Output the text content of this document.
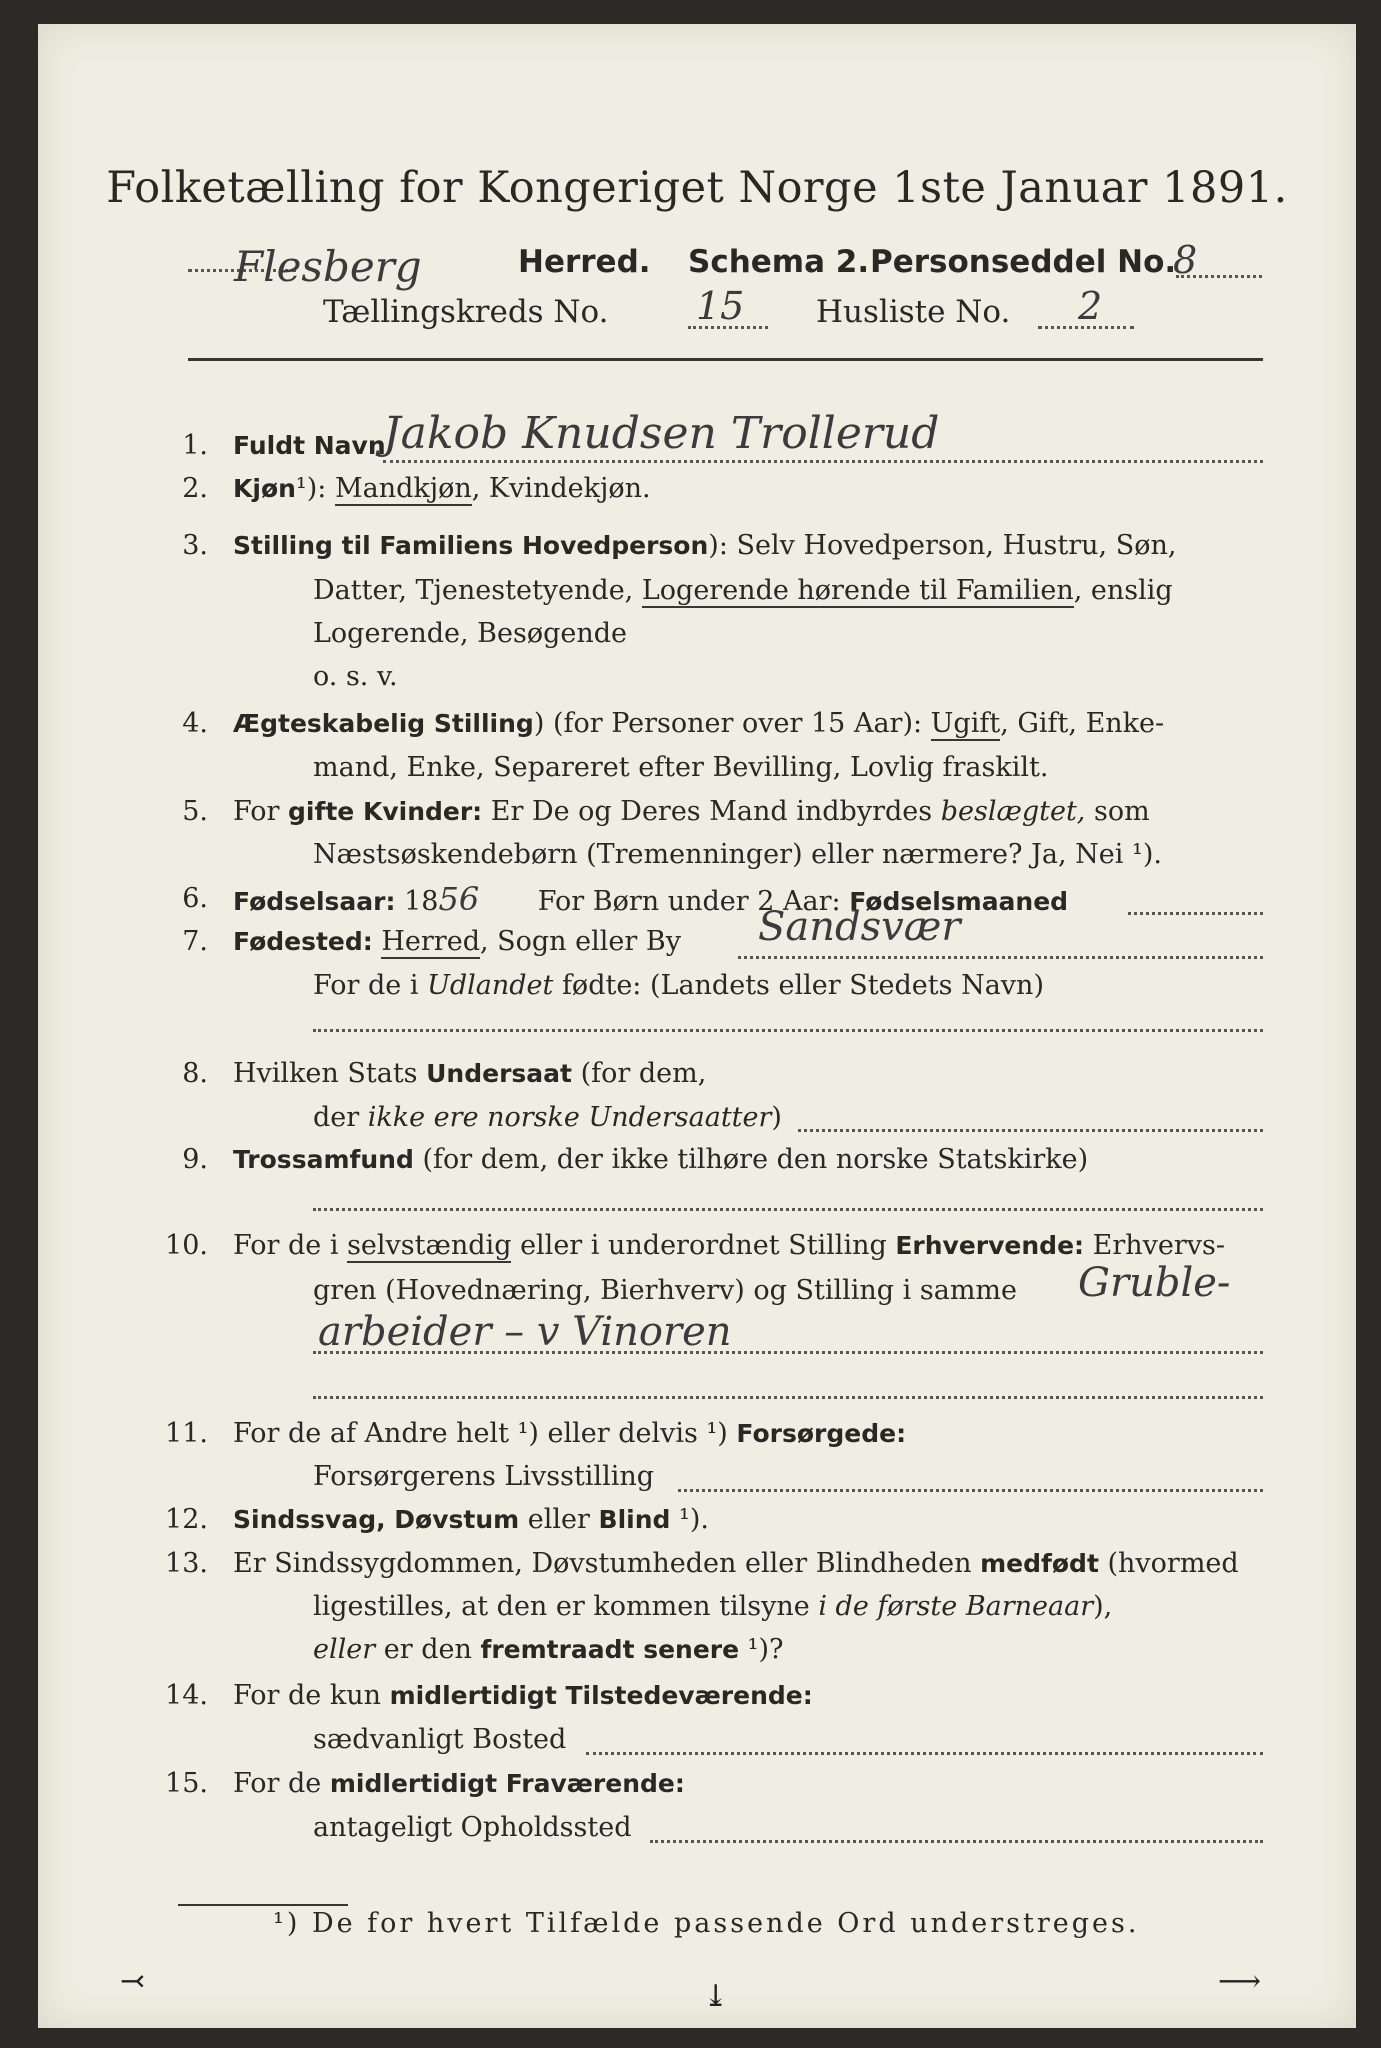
Folketælling for Kongeriget Norge 1ste Januar 1891.
Flesberg	Herred. Schema 2. Personseddel No.
8
Tællingskreds No. 15 Husliste No. 2
1. Fuldt Navn
Jakob Knudsen Trollerud
2. Kjøn¹): Mandkjøn, Kvindekjøn.
3. Stilling til Familiens Hovedperson): Selv Hovedperson, Hustru, Søn,
Datter, Tjenestetyende, Logerende hørende til Familien, enslig
Logerende, Besøgende
o. s. v.
4. Ægteskabelig Stilling) (for Personer over 15 Aar): Ugift, Gift, Enke-
mand, Enke, Separeret efter Bevilling, Lovlig fraskilt.
5. For gifte Kvinder: Er De og Deres Mand indbyrdes beslægtet, som
Næstsøskendebørn (Tremenninger) eller nærmere? Ja, Nei ¹).
6. Fødselsaar: 1856 For Børn under 2 Aar: Fødselsmaaned
7. Fødested: Herred, Sogn eller By Sandsvær
For de i Udlandet fødte: (Landets eller Stedets Navn)
8. Hvilken Stats Undersaat (for dem,
der ikke ere norske Undersaatter)
9. Trossamfund (for dem, der ikke tilhøre den norske Statskirke)
10. For de i selvstændig eller i underordnet Stilling Erhvervende: Erhvervs-
gren (Hovednæring, Bierhverv) og Stilling i samme Gruble-
arbeider – v Vinoren
11. For de af Andre helt ¹) eller delvis ¹) Forsørgede:
Forsørgerens Livsstilling
12. Sindssvag, Døvstum eller Blind ¹).
13. Er Sindssygdommen, Døvstumheden eller Blindheden medfødt (hvormed
ligestilles, at den er kommen tilsyne i de første Barneaar),
eller er den fremtraadt senere ¹)?
14. For de kun midlertidigt Tilstedeværende:
sædvanligt Bosted
15. For de midlertidigt Fraværende:
antageligt Opholdssted
¹) De for hvert Tilfælde passende Ord understreges.
⤙	⤓	⟶
